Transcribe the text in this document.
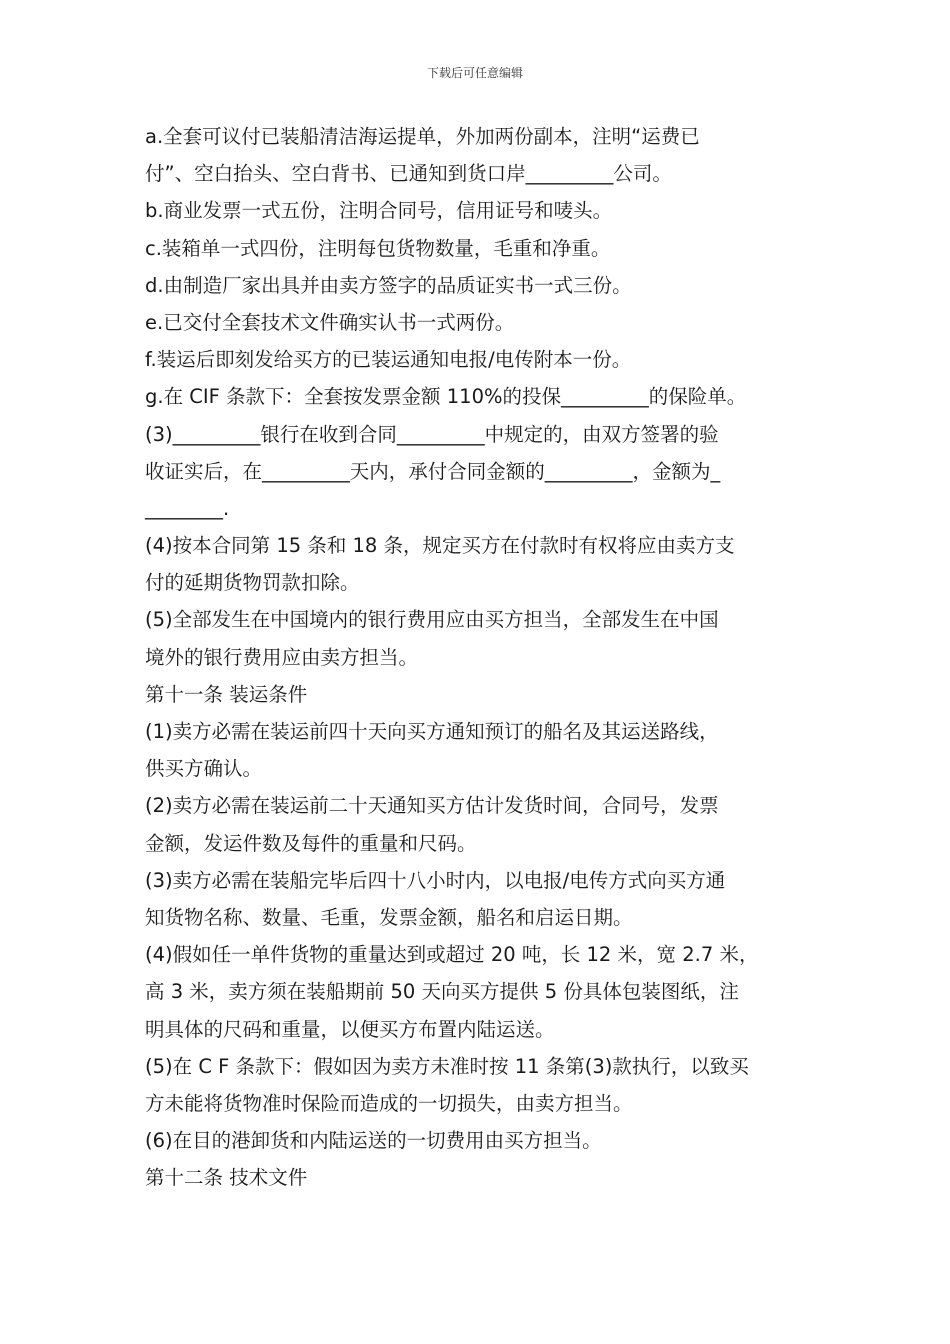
下载后可任意编辑
a.全套可议付已装船清洁海运提单，外加两份副本，注明“运费已
付”、空白抬头、空白背书、已通知到货口岸_________公司。
b.商业发票一式五份，注明合同号，信用证号和唛头。
c.装箱单一式四份，注明每包货物数量，毛重和净重。
d.由制造厂家出具并由卖方签字的品质证实书一式三份。
e.已交付全套技术文件确实认书一式两份。
f.装运后即刻发给买方的已装运通知电报/电传附本一份。
g.在 CIF 条款下：全套按发票金额 110%的投保_________的保险单。
(3)_________银行在收到合同_________中规定的，由双方签署的验
收证实后，在_________天内，承付合同金额的_________，金额为_
________.
(4)按本合同第 15 条和 18 条，规定买方在付款时有权将应由卖方支
付的延期货物罚款扣除。
(5)全部发生在中国境内的银行费用应由买方担当，全部发生在中国
境外的银行费用应由卖方担当。
第十一条 装运条件
(1)卖方必需在装运前四十天向买方通知预订的船名及其运送路线，
供买方确认。
(2)卖方必需在装运前二十天通知买方估计发货时间，合同号，发票
金额，发运件数及每件的重量和尺码。
(3)卖方必需在装船完毕后四十八小时内，以电报/电传方式向买方通
知货物名称、数量、毛重，发票金额，船名和启运日期。
(4)假如任一单件货物的重量达到或超过 20 吨，长 12 米，宽 2.7 米，
高 3 米，卖方须在装船期前 50 天向买方提供 5 份具体包装图纸，注
明具体的尺码和重量，以便买方布置内陆运送。
(5)在 C F 条款下：假如因为卖方未准时按 11 条第(3)款执行，以致买
方未能将货物准时保险而造成的一切损失，由卖方担当。
(6)在目的港卸货和内陆运送的一切费用由买方担当。
第十二条 技术文件
